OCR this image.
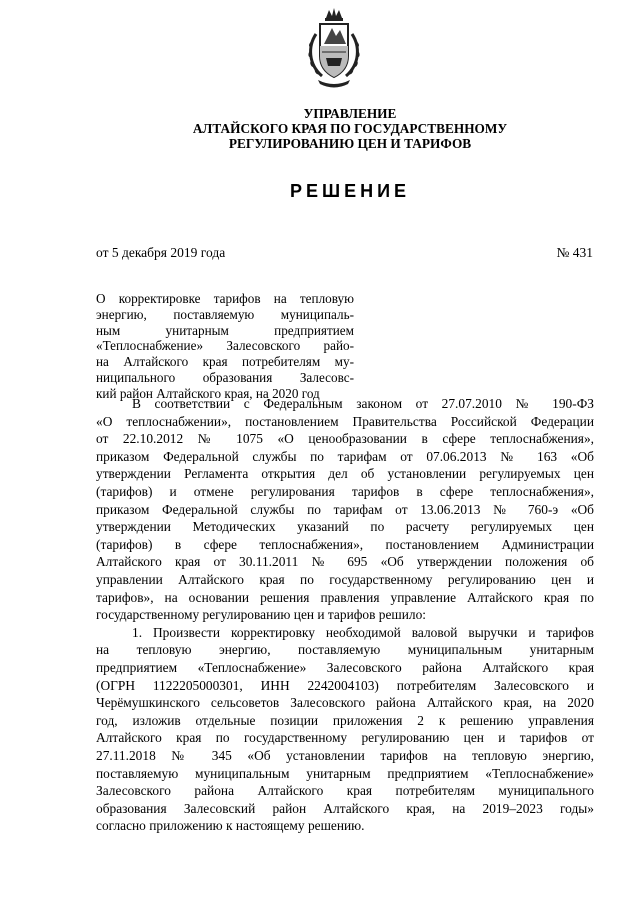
УПРАВЛЕНИЕ
АЛТАЙСКОГО КРАЯ ПО ГОСУДАРСТВЕННОМУ
РЕГУЛИРОВАНИЮ ЦЕН И ТАРИФОВ
РЕШЕНИЕ
от 5 декабря 2019 года	№ 431
О корректировке тарифов на тепловую
энергию, поставляемую муниципаль-
ным унитарным предприятием
«Теплоснабжение» Залесовского райо-
на Алтайского края потребителям му-
ниципального образования Залесовс-
кий район Алтайского края, на 2020 год
В соответствии с Федеральным законом от 27.07.2010 № 190-ФЗ
«О теплоснабжении», постановлением Правительства Российской Федерации
от 22.10.2012 № 1075 «О ценообразовании в сфере теплоснабжения»,
приказом Федеральной службы по тарифам от 07.06.2013 № 163 «Об
утверждении Регламента открытия дел об установлении регулируемых цен
(тарифов) и отмене регулирования тарифов в сфере теплоснабжения»,
приказом Федеральной службы по тарифам от 13.06.2013 № 760-э «Об
утверждении Методических указаний по расчету регулируемых цен
(тарифов) в сфере теплоснабжения», постановлением Администрации
Алтайского края от 30.11.2011 № 695 «Об утверждении положения об
управлении Алтайского края по государственному регулированию цен и
тарифов», на основании решения правления управление Алтайского края по
государственному регулированию цен и тарифов решило:
1. Произвести корректировку необходимой валовой выручки и тарифов
на тепловую энергию, поставляемую муниципальным унитарным
предприятием «Теплоснабжение» Залесовского района Алтайского края
(ОГРН 1122205000301, ИНН 2242004103) потребителям Залесовского и
Черёмушкинского сельсоветов Залесовского района Алтайского края, на 2020
год, изложив отдельные позиции приложения 2 к решению управления
Алтайского края по государственному регулированию цен и тарифов от
27.11.2018 № 345 «Об установлении тарифов на тепловую энергию,
поставляемую муниципальным унитарным предприятием «Теплоснабжение»
Залесовского района Алтайского края потребителям муниципального
образования Залесовский район Алтайского края, на 2019–2023 годы»
согласно приложению к настоящему решению.
